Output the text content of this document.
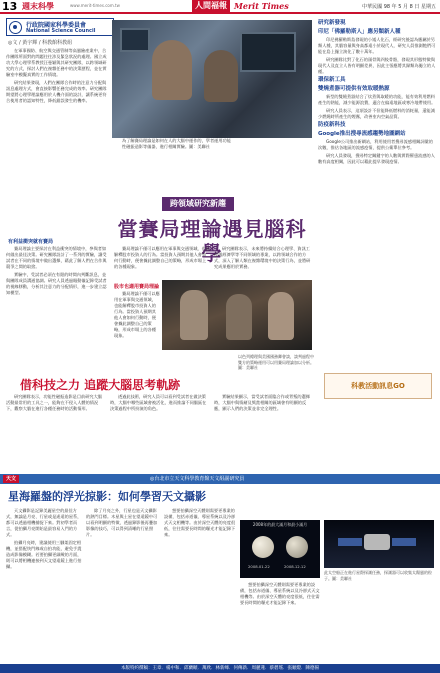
13 週末科學	www.merit-times.com.tw	人間福報 Merit Times	中華民國 98 年 5 月 8 日 星期五
行政院國家科學委員會
National Science Council
◎文 / 黃宇輝 / 科教館科教組

在軍事國防、航空與交通管制等高風險產業中，合作團隊所面對的問題往往涉及緊急狀況的處理。國立成功大學心理學系教授汪曼穎與其研究團隊，以跨領域研究的方式，探討人們在複雜任務中的決策歷程，並在實驗室中模擬真實的工作情境。

研究結果發現，人們在團隊合作時的注意力分配與訊息處理方式，會直接影響任務完成的效率。研究團隊期望將心理學理論應用於人機介面的設計，讓系統更符合使用者的認知特性，降低錯誤發生的機率。

有利益衝突就有賽局

賽局理論主要探討在利益衝突的情境中，參與者如何做出最佳決策。研究團隊設計了一系列的實驗，讓受試者在不同的情境中做出選擇，藉此了解人們在合作與競爭之間的取捨。

實驗中，受試者必須在有限的時間內判斷訊息，並與團隊成員溝通協調。研究人員透過眼動儀記錄受試者的視線移動，分析其注意力的分配情形，進一步建立認知模型。

為了解賽局理論是如何在人的大腦中運作的，學者運用功能性磁振造影等儀器，進行相關實驗。圖：美聯社
跨領域研究新趨
當賽局理論遇見腦科學

賽局理論不僅可以應用在軍事與交通領域，也能解釋股市投資人的行為。當投資人預期其他人會如何行動時，便會據此調整自己的策略，形成市場上的各種現象。

研究團隊表示，未來將持續結合心理學、資訊工程與經濟學等不同領域的專業，以跨領域合作的方式，深入了解人類在複雜環境中的決策行為，並將研究成果應用於實務。

股市也適用賽局理論

賽局理論不僅可以應用在軍事與交通領域，也能解釋股市投資人的行為。當投資人預期其他人會如何行動時，便會據此調整自己的策略，形成市場上的各種現象。

以色列總理與美國國務卿會談，談判過程中雙方的策略運用可以用賽局理論加以分析。圖：美聯社
借科技之力 追蹤大腦思考軌跡

研究團隊表示，功能性磁振造影是目前研究大腦活動最常用的工具之一，能夠在不侵入人體的情況下，觀察大腦在進行各種任務時的活動情形。

透過此技術，研究人員可以看到受試者在做決策時，大腦中哪些區域會被活化，進而推論不同腦區在決策過程中所扮演的角色。

實驗結果顯示，當受試者面臨合作或背叛的選擇時，大腦中與情緒及獎賞相關的區域會有明顯的反應，顯示人們的決策並非完全理性。

研究新發現
印尼「佛羅勒斯人」應另類新人種

印尼佛羅勒斯島發現的小矮人化石，經研究後認為應屬於另類人種，其腦容量與身高都遠小於現代人，研究人員推測牠們可能在島上獨立演化了數十萬年。

研究團隊比對了化石的頭骨與四肢骨骼，發現其形態特徵與現代人及直立人皆有明顯差異，因此主張應將其歸類為獨立的人種。

環保新工具
雙燒煮器可提供有效取暖熱源

新型的雙燒煮器結合了炊煮與取暖的功能，能有效利用燃料產生的熱能，減少能源浪費，適合在偏遠地區或寒冷地帶使用。

研究人員表示，這項設計不但能降低燃料的消耗量，還能減少燃燒時所產生的煙霧，改善室內空氣品質。

防疫新科技
Google推出搜尋流感趨勢地圖網站

Google公司推出新網站，利用使用者搜尋流感相關詞彙的次數，推估各地區的流感疫情，提供公衛單位參考。

研究人員發現，搜尋特定關鍵字的人數與實際罹患流感的人數有高度相關，因此可以藉此提早發現疫情。

科教活動訊息GO
天文	◎台北市立天文科學教育館天文組副研究員
星海羅盤的浮光掠影：如何學習天文攝影

天文攝影是記錄美麗星空的最佳方式，無論是月亮、行星或是遙遠的星系，都可以透過相機捕捉下來。對初學者而言，從拍攝月亮開始是最容易入門的方式。

拍攝月亮時，建議使用三腳架固定相機，並搭配快門線或自拍功能，避免手震造成影像模糊。若要拍攝更細緻的月面，則可以將相機連接到天文望遠鏡上進行拍攝。

除了月亮之外，行星也是天文攝影的熱門目標。木星與土星在望遠鏡中可以看到明顯的特徵，透過錄影後再疊加影像的技巧，可以得到清晰的行星照片。

想要拍攝深空天體則需要更專業的設備，包括赤道儀、導星系統以及冷卻式天文相機等。由於深空天體的亮度很低，往往需要長時間的曝光才能記錄下來。

2008年的最大滿月和最小滿月
2008.01.22	2008.12.12

想要拍攝深空天體則需要更專業的設備，包括赤道儀、導星系統以及冷卻式天文相機等。由於深空天體的亮度很低，往往需要長時間的曝光才能記錄下來。

此太空船正在進行星際探測任務，探測器可以收集太陽風的粒子。圖：美聯社
本版特約撰稿：王章．楊中和．邱蘭頤．萬欣．林新峰．何傳新．周麗蓮．蔡碧瑤．張順燈．陳德揚
